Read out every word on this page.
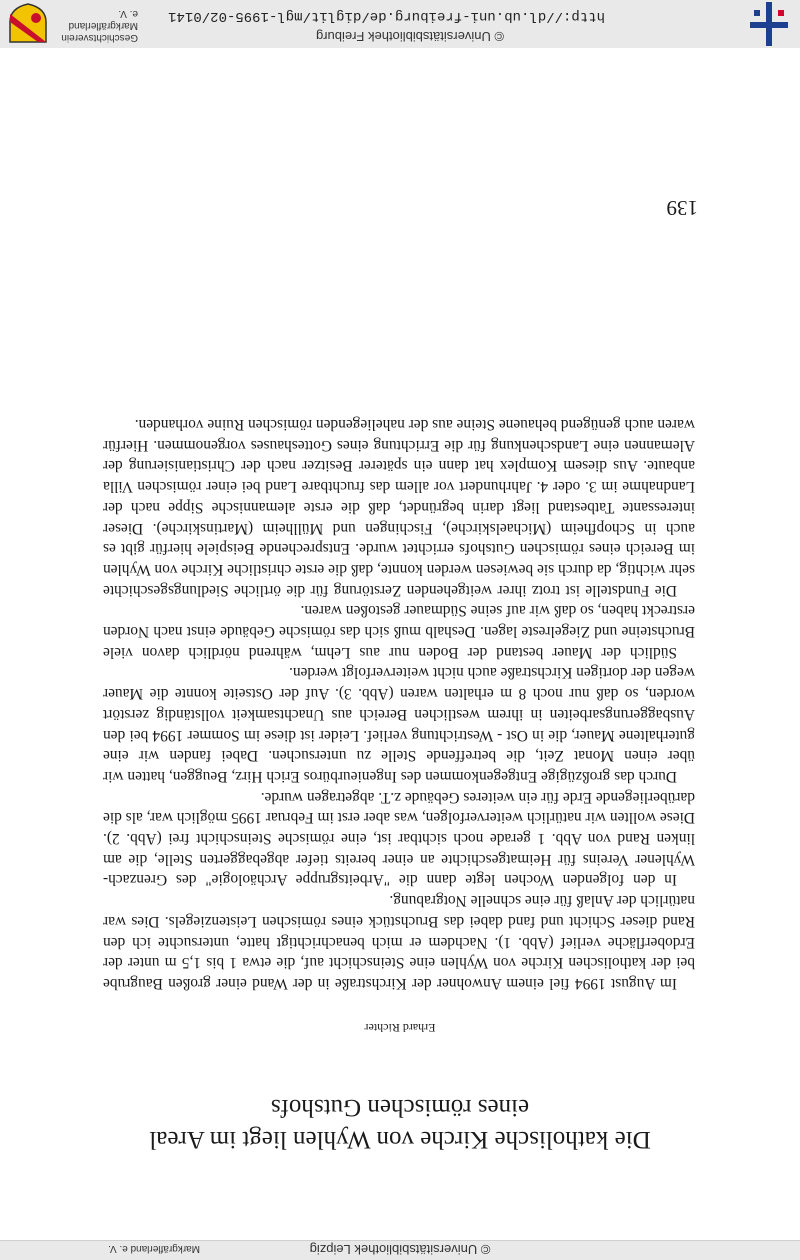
http://dl.ub.uni-freiburg.de/diglit/mgl-1995-02/0141
© Universitätsbibliothek Freiburg
Geschichtsverein
Markgräflerland e. V.
Die katholische Kirche von Wyhlen liegt im Areal
eines römischen Gutshofs
Erhard Richter

Im August 1994 fiel einem Anwohner der Kirchstraße in der Wand einer großen Baugrube bei der katholischen Kirche von Wyhlen eine Steinschicht auf, die etwa 1 bis 1,5 m unter der Erdoberfläche verlief (Abb. 1). Nachdem er mich benachrichtigt hatte, untersuchte ich den Rand dieser Schicht und fand dabei das Bruchstück eines römischen Leistenziegels. Dies war natürlich der Anlaß für eine schnelle Notgrabung.

In den folgenden Wochen legte dann die "Arbeitsgruppe Archäologie" des Grenzach-Wyhlener Vereins für Heimatgeschichte an einer bereits tiefer abgebaggerten Stelle, die am linken Rand von Abb. 1 gerade noch sichtbar ist, eine römische Steinschicht frei (Abb. 2). Diese wollten wir natürlich weiterverfolgen, was aber erst im Februar 1995 möglich war, als die darüberliegende Erde für ein weiteres Gebäude z.T. abgetragen wurde.

Durch das großzügige Entgegenkommen des Ingenieurbüros Erich Hirz, Beuggen, hatten wir über einen Monat Zeit, die betreffende Stelle zu untersuchen. Dabei fanden wir eine guterhaltene Mauer, die in Ost - Westrichtung verlief. Leider ist diese im Sommer 1994 bei den Ausbaggerungsarbeiten in ihrem westlichen Bereich aus Unachtsamkeit vollständig zerstört worden, so daß nur noch 8 m erhalten waren (Abb. 3). Auf der Ostseite konnte die Mauer wegen der dortigen Kirchstraße auch nicht weiterverfolgt werden.

Südlich der Mauer bestand der Boden nur aus Lehm, während nördlich davon viele Bruchsteine und Ziegelreste lagen. Deshalb muß sich das römische Gebäude einst nach Norden erstreckt haben, so daß wir auf seine Südmauer gestoßen waren.

Die Fundstelle ist trotz ihrer weitgehenden Zerstörung für die örtliche Siedlungsgeschichte sehr wichtig, da durch sie bewiesen werden konnte, daß die erste christliche Kirche von Wyhlen im Bereich eines römischen Gutshofs errichtet wurde. Entsprechende Beispiele hierfür gibt es auch in Schopfheim (Michaelskirche), Fischingen und Müllheim (Martinskirche). Dieser interessante Tatbestand liegt darin begründet, daß die erste alemannische Sippe nach der Landnahme im 3. oder 4. Jahrhundert vor allem das fruchtbare Land bei einer römischen Villa anbaute. Aus diesem Komplex hat dann ein späterer Besitzer nach der Christianisierung der Alemannen eine Landschenkung für die Errichtung eines Gotteshauses vorgenommen. Hierfür waren auch genügend behauene Steine aus der naheliegenden römischen Ruine vorhanden.

139
© Universitätsbibliothek Leipzig
Markgräflerland e. V.
